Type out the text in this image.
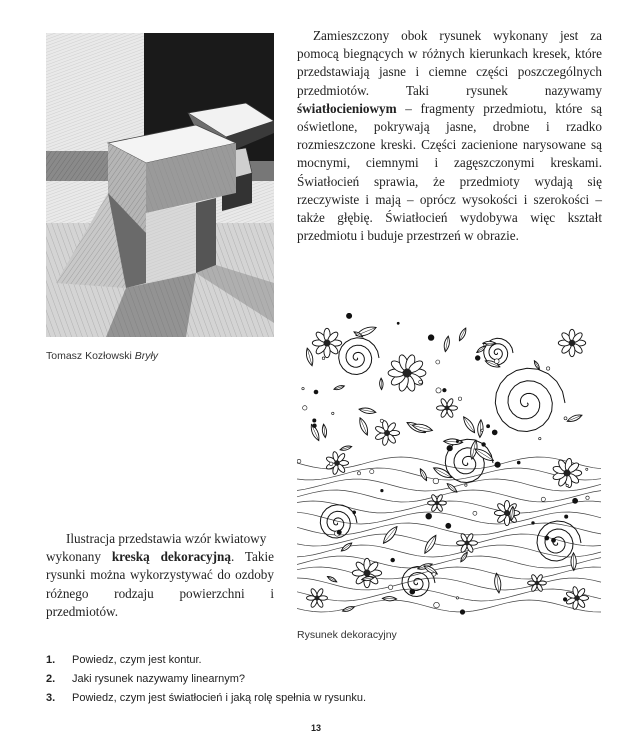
Tomasz Kozłowski Bryły

Zamieszczony obok rysunek wykonany jest za pomocą biegnących w różnych kierunkach kresek, które przedstawiają jasne i ciemne części poszczególnych przedmiotów. Taki rysunek nazywamy światłocieniowym – fragmenty przedmiotu, które są oświetlone, pokrywają jasne, drobne i rzadko rozmieszczone kreski. Części zacienione narysowane są mocnymi, ciemnymi i zagęszczonymi kreskami. Światłocień sprawia, że przedmioty wydają się rzeczywiste i mają – oprócz wysokości i szerokości – także głębię. Światłocień wydobywa więc kształt przedmiotu i buduje przestrzeń w obrazie.

Rysunek dekoracyjny

Ilustracja przedstawia wzór kwiatowy
wykonany kreską dekoracyjną. Takie rysunki można wykorzystywać do ozdoby różnego rodzaju powierzchni i przedmiotów.

1. Powiedz, czym jest kontur.
2. Jaki rysunek nazywamy linearnym?
3. Powiedz, czym jest światłocień i jaką rolę spełnia w rysunku.
13
